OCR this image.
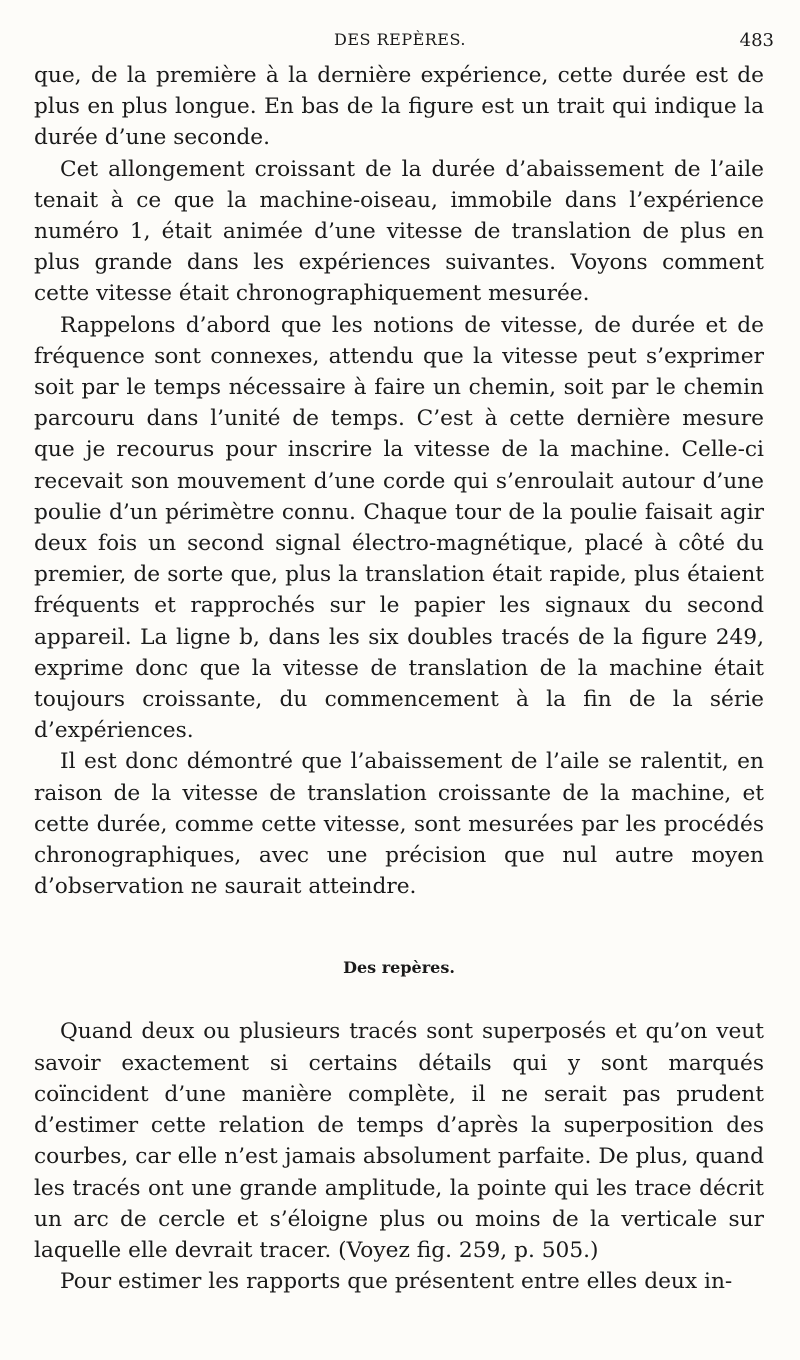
DES REPÈRES.	483

que, de la première à la dernière expérience, cette durée est de plus en plus longue. En bas de la figure est un trait qui indique la durée d’une seconde.

Cet allongement croissant de la durée d’abaissement de l’aile tenait à ce que la machine-oiseau, immobile dans l’expérience numéro 1, était animée d’une vitesse de translation de plus en plus grande dans les expériences suivantes. Voyons comment cette vitesse était chronographiquement mesurée.

Rappelons d’abord que les notions de vitesse, de durée et de fréquence sont connexes, attendu que la vitesse peut s’exprimer soit par le temps nécessaire à faire un chemin, soit par le chemin parcouru dans l’unité de temps. C’est à cette dernière mesure que je recourus pour inscrire la vitesse de la machine. Celle-ci recevait son mouvement d’une corde qui s’enroulait autour d’une poulie d’un périmètre connu. Chaque tour de la poulie faisait agir deux fois un second signal électro-magnétique, placé à côté du premier, de sorte que, plus la translation était rapide, plus étaient fréquents et rapprochés sur le papier les signaux du second appareil. La ligne b, dans les six doubles tracés de la figure 249, exprime donc que la vitesse de translation de la machine était toujours croissante, du commencement à la fin de la série d’expériences.

Il est donc démontré que l’abaissement de l’aile se ralentit, en raison de la vitesse de translation croissante de la machine, et cette durée, comme cette vitesse, sont mesurées par les procédés chronographiques, avec une précision que nul autre moyen d’observation ne saurait atteindre.

Des repères.

Quand deux ou plusieurs tracés sont superposés et qu’on veut savoir exactement si certains détails qui y sont marqués coïncident d’une manière complète, il ne serait pas prudent d’estimer cette relation de temps d’après la superposition des courbes, car elle n’est jamais absolument parfaite. De plus, quand les tracés ont une grande amplitude, la pointe qui les trace décrit un arc de cercle et s’éloigne plus ou moins de la verticale sur laquelle elle devrait tracer. (Voyez fig. 259, p. 505.)

Pour estimer les rapports que présentent entre elles deux in-
